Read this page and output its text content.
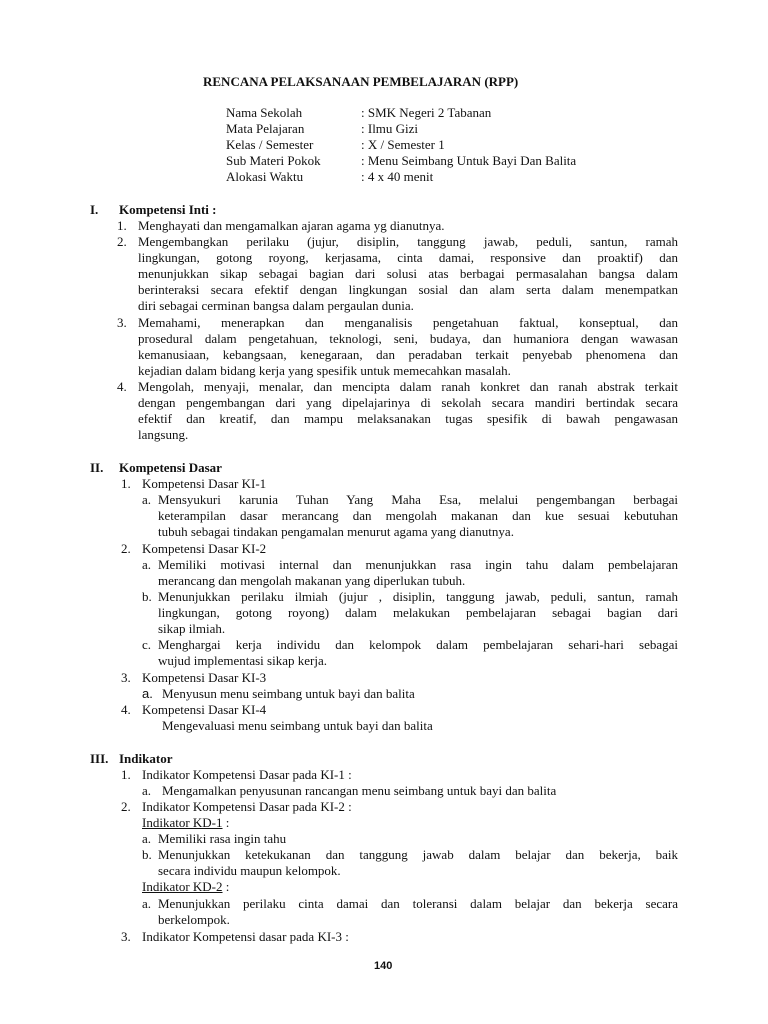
RENCANA PELAKSANAAN PEMBELAJARAN (RPP)
Nama Sekolah	: SMK Negeri 2 Tabanan
Mata Pelajaran	: Ilmu Gizi
Kelas / Semester	: X / Semester 1
Sub Materi Pokok	: Menu Seimbang Untuk Bayi Dan Balita
Alokasi Waktu	: 4 x 40 menit
I. Kompetensi Inti :
1. Menghayati dan mengamalkan ajaran agama yg dianutnya.
2. Mengembangkan perilaku (jujur, disiplin, tanggung jawab, peduli, santun, ramah
lingkungan, gotong royong, kerjasama, cinta damai, responsive dan proaktif) dan
menunjukkan sikap sebagai bagian dari solusi atas berbagai permasalahan bangsa dalam
berinteraksi secara efektif dengan lingkungan sosial dan alam serta dalam menempatkan
diri sebagai cerminan bangsa dalam pergaulan dunia.
3. Memahami, menerapkan dan menganalisis pengetahuan faktual, konseptual, dan
prosedural dalam pengetahuan, teknologi, seni, budaya, dan humaniora dengan wawasan
kemanusiaan, kebangsaan, kenegaraan, dan peradaban terkait penyebab phenomena dan
kejadian dalam bidang kerja yang spesifik untuk memecahkan masalah.
4. Mengolah, menyaji, menalar, dan mencipta dalam ranah konkret dan ranah abstrak terkait
dengan pengembangan dari yang dipelajarinya di sekolah secara mandiri bertindak secara
efektif dan kreatif, dan mampu melaksanakan tugas spesifik di bawah pengawasan
langsung.
II. Kompetensi Dasar
1. Kompetensi Dasar KI-1
a. Mensyukuri karunia Tuhan Yang Maha Esa, melalui pengembangan berbagai
keterampilan dasar merancang dan mengolah makanan dan kue sesuai kebutuhan
tubuh sebagai tindakan pengamalan menurut agama yang dianutnya.
2. Kompetensi Dasar KI-2
a. Memiliki motivasi internal dan menunjukkan rasa ingin tahu dalam pembelajaran
merancang dan mengolah makanan yang diperlukan tubuh.
b. Menunjukkan perilaku ilmiah (jujur , disiplin, tanggung jawab, peduli, santun, ramah
lingkungan, gotong royong) dalam melakukan pembelajaran sebagai bagian dari
sikap ilmiah.
c. Menghargai kerja individu dan kelompok dalam pembelajaran sehari-hari sebagai
wujud implementasi sikap kerja.
3. Kompetensi Dasar KI-3
a. Menyusun menu seimbang untuk bayi dan balita
4. Kompetensi Dasar KI-4
Mengevaluasi menu seimbang untuk bayi dan balita
III. Indikator
1. Indikator Kompetensi Dasar pada KI-1 :
a. Mengamalkan penyusunan rancangan menu seimbang untuk bayi dan balita
2. Indikator Kompetensi Dasar pada KI-2 :
Indikator KD-1 :
a. Memiliki rasa ingin tahu
b. Menunjukkan ketekukanan dan tanggung jawab dalam belajar dan bekerja, baik
secara individu maupun kelompok.
Indikator KD-2 :
a. Menunjukkan perilaku cinta damai dan toleransi dalam belajar dan bekerja secara
berkelompok.
3. Indikator Kompetensi dasar pada KI-3 :
140
